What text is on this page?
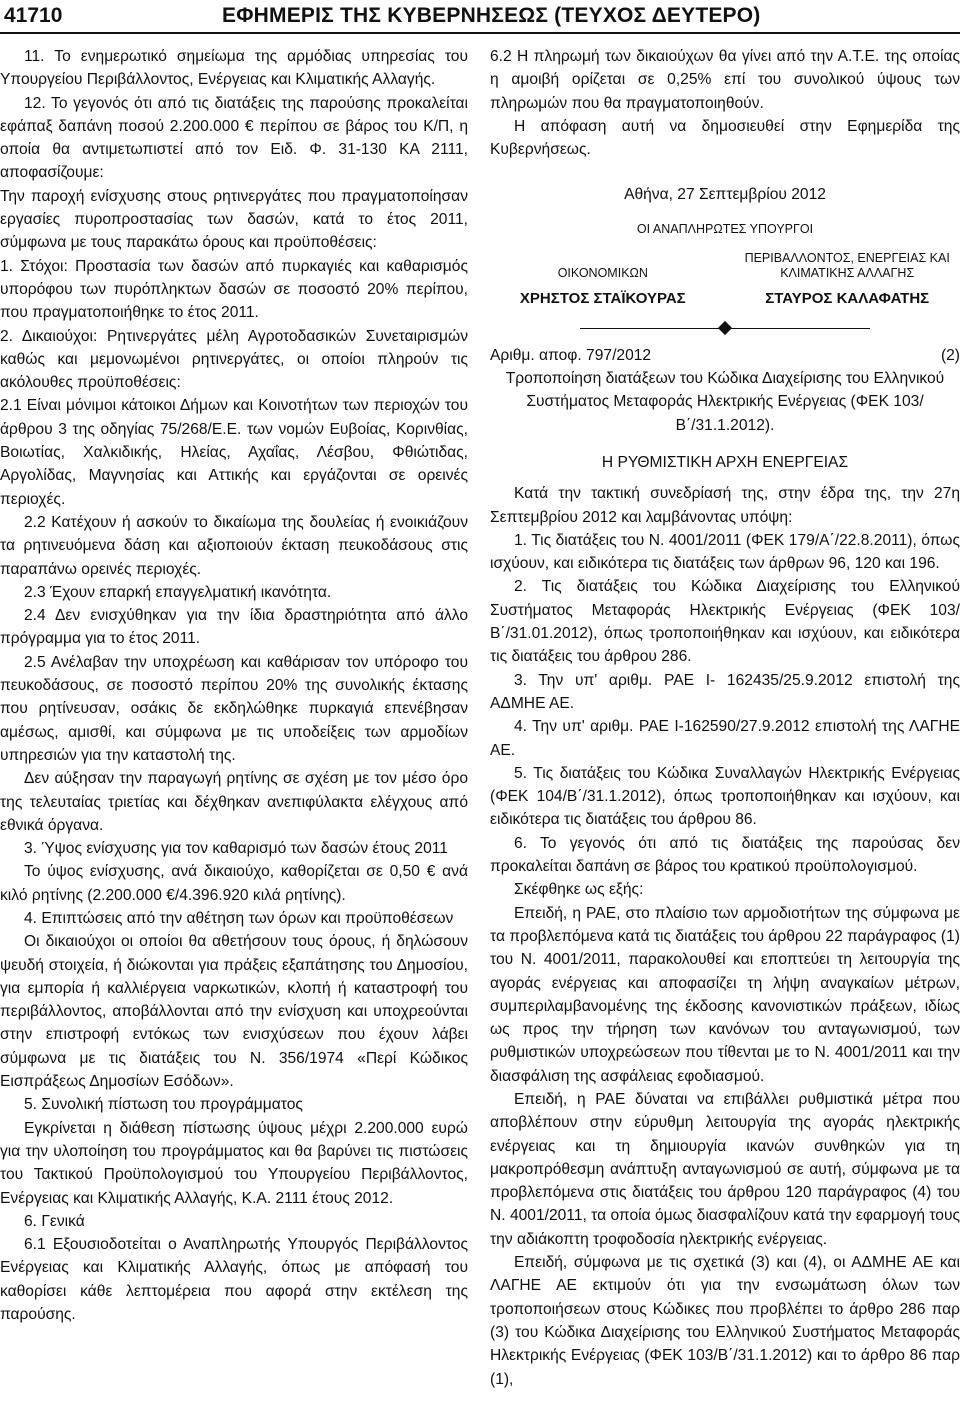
41710	ΕΦΗΜΕΡΙΣ ΤΗΣ ΚΥΒΕΡΝΗΣΕΩΣ (ΤΕΥΧΟΣ ΔΕΥΤΕΡΟ)

11. Το ενημερωτικό σημείωμα της αρμόδιας υπηρεσίας του Υπουργείου Περιβάλλοντος, Ενέργειας και Κλιματικής Αλλαγής.

12. Το γεγονός ότι από τις διατάξεις της παρούσης προκαλείται εφάπαξ δαπάνη ποσού 2.200.000 € περίπου σε βάρος του Κ/Π, η οποία θα αντιμετωπιστεί από τον Ειδ. Φ. 31-130 ΚΑ 2111, αποφασίζουμε:

Την παροχή ενίσχυσης στους ρητινεργάτες που πραγματοποίησαν εργασίες πυροπροστασίας των δασών, κατά το έτος 2011, σύμφωνα με τους παρακάτω όρους και προϋποθέσεις:

1. Στόχοι: Προστασία των δασών από πυρκαγιές και καθαρισμός υπορόφου των πυρόπληκτων δασών σε ποσοστό 20% περίπου, που πραγματοποιήθηκε το έτος 2011.

2. Δικαιούχοι: Ρητινεργάτες μέλη Αγροτοδασικών Συνεταιρισμών καθώς και μεμονωμένοι ρητινεργάτες, οι οποίοι πληρούν τις ακόλουθες προϋποθέσεις:

2.1 Είναι μόνιμοι κάτοικοι Δήμων και Κοινοτήτων των περιοχών του άρθρου 3 της οδηγίας 75/268/Ε.Ε. των νομών Ευβοίας, Κορινθίας, Βοιωτίας, Χαλκιδικής, Ηλείας, Αχαΐας, Λέσβου, Φθιώτιδας, Αργολίδας, Μαγνησίας και Αττικής και εργάζονται σε ορεινές περιοχές.

2.2 Κατέχουν ή ασκούν το δικαίωμα της δουλείας ή ενοικιάζουν τα ρητινευόμενα δάση και αξιοποιούν έκταση πευκοδάσους στις παραπάνω ορεινές περιοχές.

2.3 Έχουν επαρκή επαγγελματική ικανότητα.

2.4 Δεν ενισχύθηκαν για την ίδια δραστηριότητα από άλλο πρόγραμμα για το έτος 2011.

2.5 Ανέλαβαν την υποχρέωση και καθάρισαν τον υπόροφο του πευκοδάσους, σε ποσοστό περίπου 20% της συνολικής έκτασης που ρητίνευσαν, οσάκις δε εκδηλώθηκε πυρκαγιά επενέβησαν αμέσως, αμισθί, και σύμφωνα με τις υποδείξεις των αρμοδίων υπηρεσιών για την καταστολή της.

Δεν αύξησαν την παραγωγή ρητίνης σε σχέση με τον μέσο όρο της τελευταίας τριετίας και δέχθηκαν ανεπιφύλακτα ελέγχους από εθνικά όργανα.

3. Ύψος ενίσχυσης για τον καθαρισμό των δασών έτους 2011

Το ύψος ενίσχυσης, ανά δικαιούχο, καθορίζεται σε 0,50 € ανά κιλό ρητίνης (2.200.000 €/4.396.920 κιλά ρητίνης).

4. Επιπτώσεις από την αθέτηση των όρων και προϋποθέσεων

Οι δικαιούχοι οι οποίοι θα αθετήσουν τους όρους, ή δηλώσουν ψευδή στοιχεία, ή διώκονται για πράξεις εξαπάτησης του Δημοσίου, για εμπορία ή καλλιέργεια ναρκωτικών, κλοπή ή καταστροφή του περιβάλλοντος, αποβάλλονται από την ενίσχυση και υποχρεούνται στην επιστροφή εντόκως των ενισχύσεων που έχουν λάβει σύμφωνα με τις διατάξεις του Ν. 356/1974 «Περί Κώδικος Εισπράξεως Δημοσίων Εσόδων».

5. Συνολική πίστωση του προγράμματος

Εγκρίνεται η διάθεση πίστωσης ύψους μέχρι 2.200.000 ευρώ για την υλοποίηση του προγράμματος και θα βαρύνει τις πιστώσεις του Τακτικού Προϋπολογισμού του Υπουργείου Περιβάλλοντος, Ενέργειας και Κλιματικής Αλλαγής, Κ.Α. 2111 έτους 2012.

6. Γενικά

6.1 Εξουσιοδοτείται ο Αναπληρωτής Υπουργός Περιβάλλοντος Ενέργειας και Κλιματικής Αλλαγής, όπως με απόφασή του καθορίσει κάθε λεπτομέρεια που αφορά στην εκτέλεση της παρούσης.

6.2 Η πληρωμή των δικαιούχων θα γίνει από την Α.Τ.Ε. της οποίας η αμοιβή ορίζεται σε 0,25% επί του συνολικού ύψους των πληρωμών που θα πραγματοποιηθούν.

Η απόφαση αυτή να δημοσιευθεί στην Εφημερίδα της Κυβερνήσεως.

Αθήνα, 27 Σεπτεμβρίου 2012

ΟΙ ΑΝΑΠΛΗΡΩΤΕΣ ΥΠΟΥΡΓΟΙ
ΟΙΚΟΝΟΜΙΚΩΝ
ΧΡΗΣΤΟΣ ΣΤΑΪΚΟΥΡΑΣ
ΠΕΡΙΒΑΛΛΟΝΤΟΣ, ΕΝΕΡΓΕΙΑΣ ΚΑΙ ΚΛΙΜΑΤΙΚΗΣ ΑΛΛΑΓΗΣ
ΣΤΑΥΡΟΣ ΚΑΛΑΦΑΤΗΣ
Αριθμ. αποφ. 797/2012	(2)

Τροποποίηση διατάξεων του Κώδικα Διαχείρισης του Ελληνικού Συστήματος Μεταφοράς Ηλεκτρικής Ενέργειας (ΦΕΚ 103/Β΄/31.1.2012).

Η ΡΥΘΜΙΣΤΙΚΗ ΑΡΧΗ ΕΝΕΡΓΕΙΑΣ

Κατά την τακτική συνεδρίασή της, στην έδρα της, την 27η Σεπτεμβρίου 2012 και λαμβάνοντας υπόψη:

1. Τις διατάξεις του Ν. 4001/2011 (ΦΕΚ 179/Α΄/22.8.2011), όπως ισχύουν, και ειδικότερα τις διατάξεις των άρθρων 96, 120 και 196.

2. Τις διατάξεις του Κώδικα Διαχείρισης του Ελληνικού Συστήματος Μεταφοράς Ηλεκτρικής Ενέργειας (ΦΕΚ 103/Β΄/31.01.2012), όπως τροποποιήθηκαν και ισχύουν, και ειδικότερα τις διατάξεις του άρθρου 286.

3. Την υπ' αριθμ. ΡΑΕ Ι- 162435/25.9.2012 επιστολή της ΑΔΜΗΕ ΑΕ.

4. Την υπ' αριθμ. ΡΑΕ Ι-162590/27.9.2012 επιστολή της ΛΑΓΗΕ ΑΕ.

5. Τις διατάξεις του Κώδικα Συναλλαγών Ηλεκτρικής Ενέργειας (ΦΕΚ 104/Β΄/31.1.2012), όπως τροποποιήθηκαν και ισχύουν, και ειδικότερα τις διατάξεις του άρθρου 86.

6. Το γεγονός ότι από τις διατάξεις της παρούσας δεν προκαλείται δαπάνη σε βάρος του κρατικού προϋπολογισμού.

Σκέφθηκε ως εξής:

Επειδή, η ΡΑΕ, στο πλαίσιο των αρμοδιοτήτων της σύμφωνα με τα προβλεπόμενα κατά τις διατάξεις του άρθρου 22 παράγραφος (1) του Ν. 4001/2011, παρακολουθεί και εποπτεύει τη λειτουργία της αγοράς ενέργειας και αποφασίζει τη λήψη αναγκαίων μέτρων, συμπεριλαμβανομένης της έκδοσης κανονιστικών πράξεων, ιδίως ως προς την τήρηση των κανόνων του ανταγωνισμού, των ρυθμιστικών υποχρεώσεων που τίθενται με το Ν. 4001/2011 και την διασφάλιση της ασφάλειας εφοδιασμού.

Επειδή, η ΡΑΕ δύναται να επιβάλλει ρυθμιστικά μέτρα που αποβλέπουν στην εύρυθμη λειτουργία της αγοράς ηλεκτρικής ενέργειας και τη δημιουργία ικανών συνθηκών για τη μακροπρόθεσμη ανάπτυξη ανταγωνισμού σε αυτή, σύμφωνα με τα προβλεπόμενα στις διατάξεις του άρθρου 120 παράγραφος (4) του Ν. 4001/2011, τα οποία όμως διασφαλίζουν κατά την εφαρμογή τους την αδιάκοπτη τροφοδοσία ηλεκτρικής ενέργειας.

Επειδή, σύμφωνα με τις σχετικά (3) και (4), οι ΑΔΜΗΕ ΑΕ και ΛΑΓΗΕ ΑΕ εκτιμούν ότι για την ενσωμάτωση όλων των τροποποιήσεων στους Κώδικες που προβλέπει το άρθρο 286 παρ (3) του Κώδικα Διαχείρισης του Ελληνικού Συστήματος Μεταφοράς Ηλεκτρικής Ενέργειας (ΦΕΚ 103/Β΄/31.1.2012) και το άρθρο 86 παρ (1),
